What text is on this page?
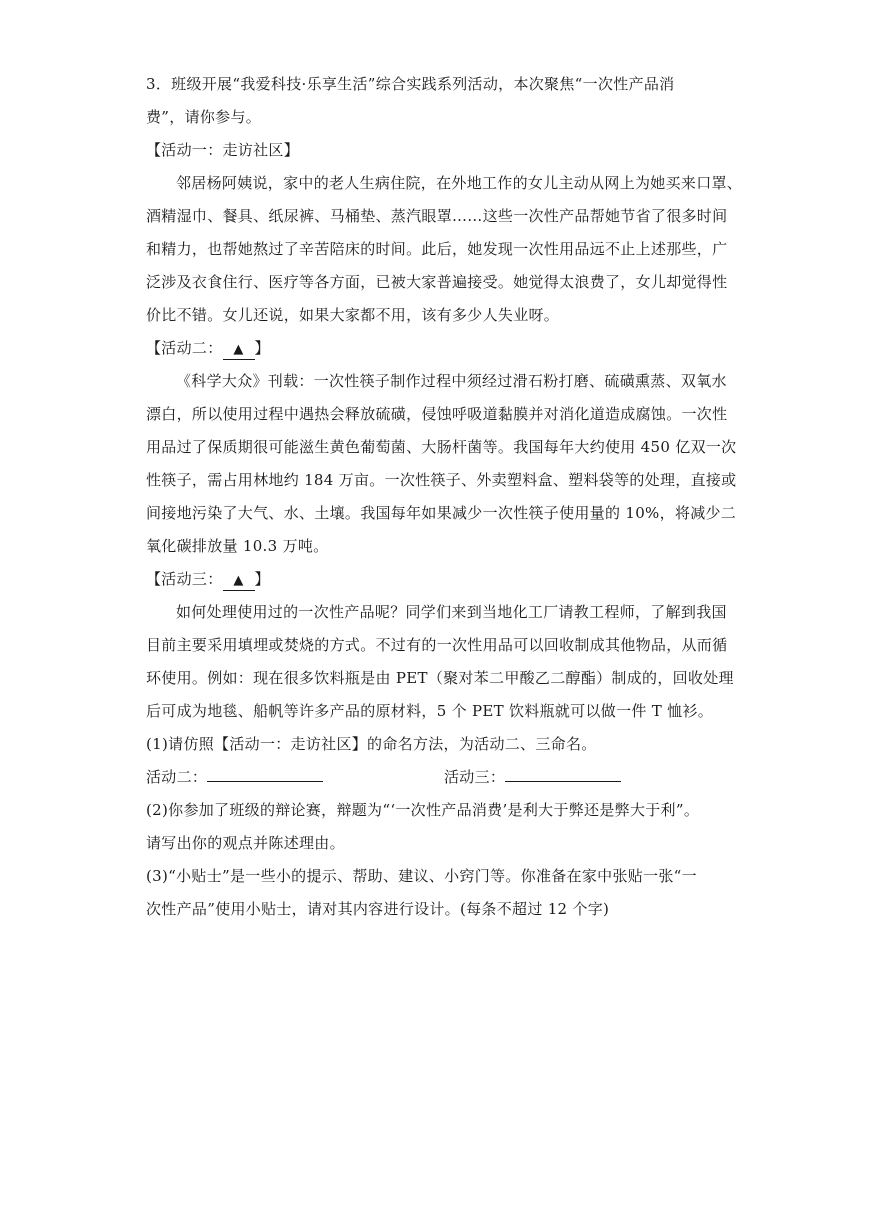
3．班级开展“我爱科技·乐享生活”综合实践系列活动，本次聚焦“一次性产品消
费”，请你参与。
【活动一：走访社区】
邻居杨阿姨说，家中的老人生病住院，在外地工作的女儿主动从网上为她买来口罩、
酒精湿巾、餐具、纸尿裤、马桶垫、蒸汽眼罩……这些一次性产品帮她节省了很多时间
和精力，也帮她熬过了辛苦陪床的时间。此后，她发现一次性用品远不止上述那些，广
泛涉及衣食住行、医疗等各方面，已被大家普遍接受。她觉得太浪费了，女儿却觉得性
价比不错。女儿还说，如果大家都不用，该有多少人失业呀。
【活动二： ▲ 】
《科学大众》刊载：一次性筷子制作过程中须经过滑石粉打磨、硫磺熏蒸、双氧水
漂白，所以使用过程中遇热会释放硫磺，侵蚀呼吸道黏膜并对消化道造成腐蚀。一次性
用品过了保质期很可能滋生黄色葡萄菌、大肠杆菌等。我国每年大约使用 450 亿双一次
性筷子，需占用林地约 184 万亩。一次性筷子、外卖塑料盒、塑料袋等的处理，直接或
间接地污染了大气、水、土壤。我国每年如果减少一次性筷子使用量的 10%，将减少二
氧化碳排放量 10.3 万吨。
【活动三： ▲ 】
如何处理使用过的一次性产品呢？同学们来到当地化工厂请教工程师，了解到我国
目前主要采用填埋或焚烧的方式。不过有的一次性用品可以回收制成其他物品，从而循
环使用。例如：现在很多饮料瓶是由 PET（聚对苯二甲酸乙二醇酯）制成的，回收处理
后可成为地毯、船帆等许多产品的原材料，5 个 PET 饮料瓶就可以做一件 T 恤衫。
(1)请仿照【活动一：走访社区】的命名方法，为活动二、三命名。
活动二：	活动三：
(2)你参加了班级的辩论赛，辩题为“‘一次性产品消费’是利大于弊还是弊大于利”。
请写出你的观点并陈述理由。
(3)“小贴士”是一些小的提示、帮助、建议、小窍门等。你准备在家中张贴一张“一
次性产品”使用小贴士，请对其内容进行设计。(每条不超过 12 个字)
